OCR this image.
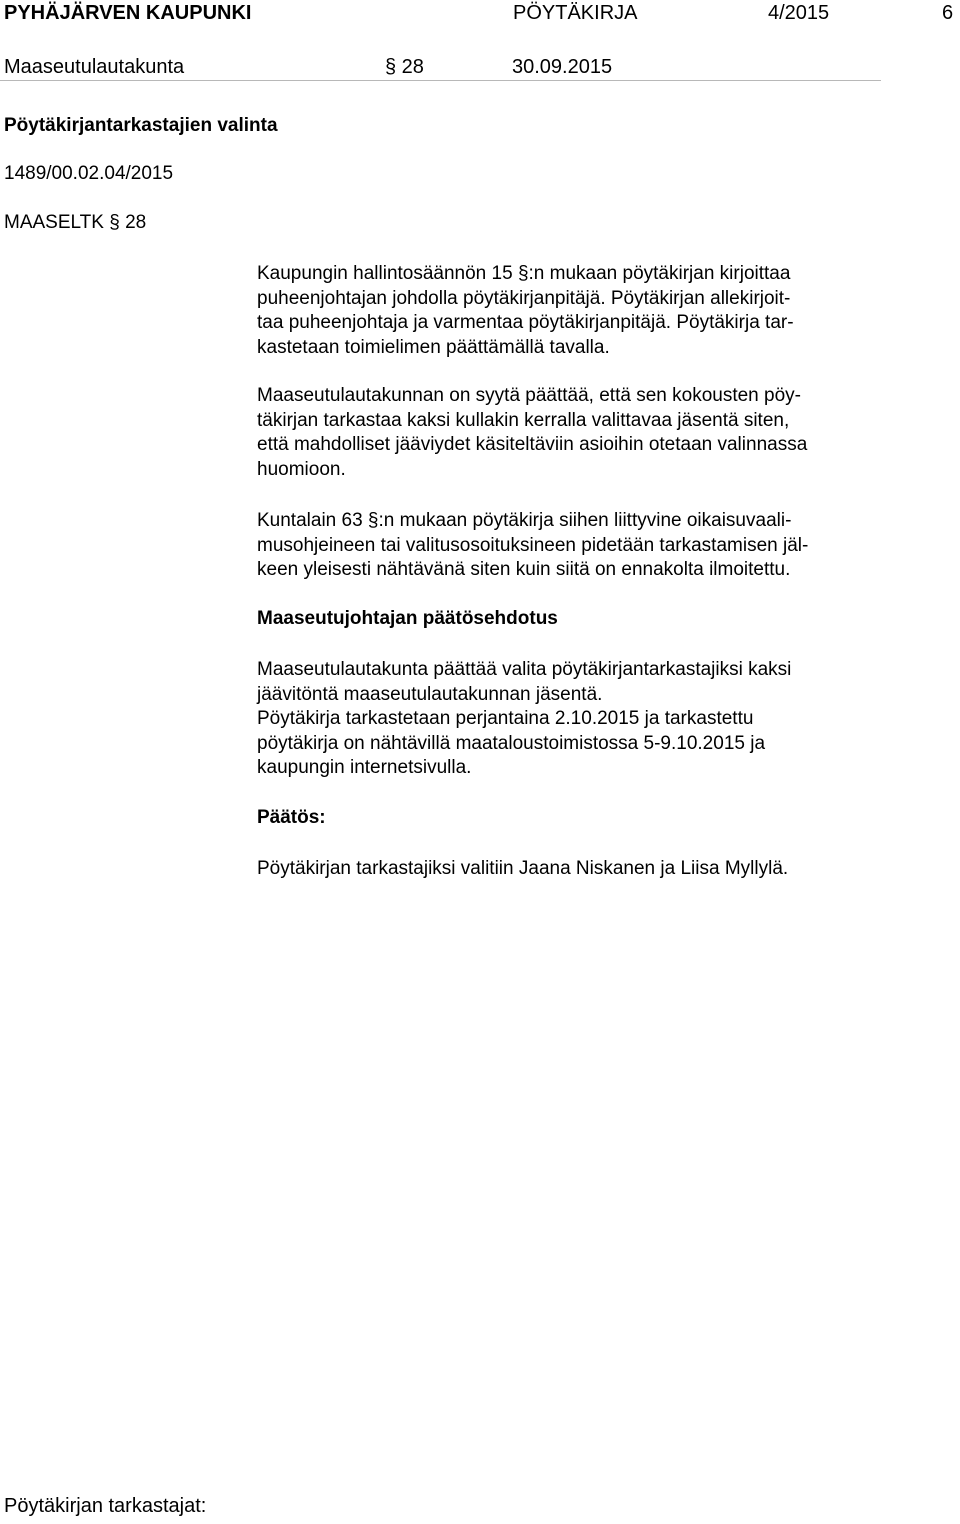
PYHÄJÄRVEN KAUPUNKI	PÖYTÄKIRJA	4/2015	6
Maaseutulautakunta	§ 28	30.09.2015
Pöytäkirjantarkastajien valinta
1489/00.02.04/2015
MAASELTK § 28
Kaupungin hallintosäännön 15 §:n mukaan pöytäkirjan kirjoittaa
puheenjohtajan johdolla pöytäkirjanpitäjä. Pöytäkirjan allekirjoit-
taa puheenjohtaja ja varmentaa pöytäkirjanpitäjä. Pöytäkirja tar-
kastetaan toimielimen päättämällä tavalla.
Maaseutulautakunnan on syytä päättää, että sen kokousten pöy-
täkirjan tarkastaa kaksi kullakin kerralla valittavaa jäsentä siten,
että mahdolliset jääviydet käsiteltäviin asioihin otetaan valinnassa
huomioon.
Kuntalain 63 §:n mukaan pöytäkirja siihen liittyvine oikaisuvaali-
musohjeineen tai valitusosoituksineen pidetään tarkastamisen jäl-
keen yleisesti nähtävänä siten kuin siitä on ennakolta ilmoitettu.
Maaseutujohtajan päätösehdotus
Maaseutulautakunta päättää valita pöytäkirjantarkastajiksi kaksi
jäävitöntä maaseutulautakunnan jäsentä.
Pöytäkirja tarkastetaan perjantaina 2.10.2015 ja tarkastettu
pöytäkirja on nähtävillä maataloustoimistossa 5-9.10.2015 ja
kaupungin internetsivulla.
Päätös:
Pöytäkirjan tarkastajiksi valitiin Jaana Niskanen ja Liisa Myllylä.
Pöytäkirjan tarkastajat:
